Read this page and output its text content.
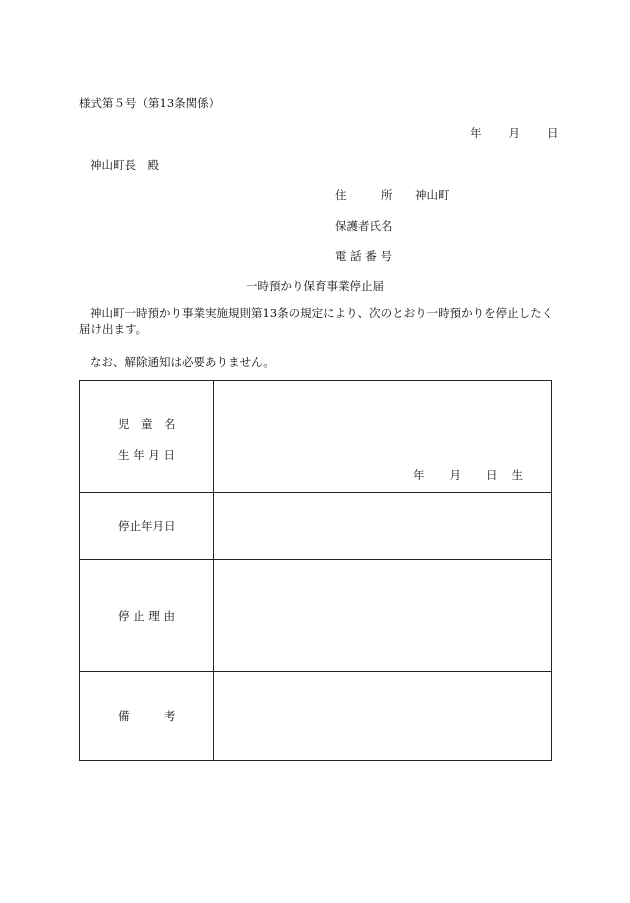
様式第５号（第13条関係）
年 月 日
神山町長　殿
住　　　所 神山町
保護者氏名
電 話 番 号
一時預かり保育事業停止届
神山町一時預かり事業実施規則第13条の規定により、次のとおり一時預かりを停止したく届け出ます。
なお、解除通知は必要ありません。
児　童　名
生 年 月 日	年 月 日 生

停止年月日	

停 止 理 由	

備　　　考	
